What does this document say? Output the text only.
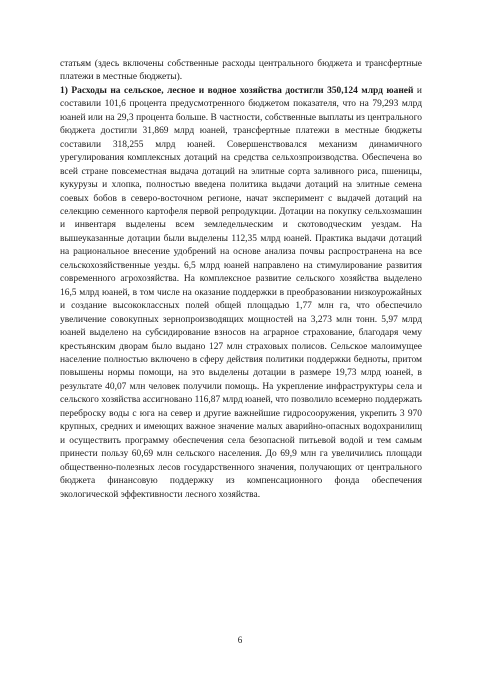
статьям (здесь включены собственные расходы центрального бюджета и трансфертные платежи в местные бюджеты).

1) Расходы на сельское, лесное и водное хозяйства достигли 350,124 млрд юаней и составили 101,6 процента предусмотренного бюджетом показателя, что на 79,293 млрд юаней или на 29,3 процента больше. В частности, собственные выплаты из центрального бюджета достигли 31,869 млрд юаней, трансфертные платежи в местные бюджеты составили 318,255 млрд юаней. Совершенствовался механизм динамичного урегулирования комплексных дотаций на средства сельхозпроизводства. Обеспечена во всей стране повсеместная выдача дотаций на элитные сорта заливного риса, пшеницы, кукурузы и хлопка, полностью введена политика выдачи дотаций на элитные семена соевых бобов в северо-восточном регионе, начат эксперимент с выдачей дотаций на селекцию семенного картофеля первой репродукции. Дотации на покупку сельхозмашин и инвентаря выделены всем земледельческим и скотоводческим уездам. На вышеуказанные дотации были выделены 112,35 млрд юаней. Практика выдачи дотаций на рациональное внесение удобрений на основе анализа почвы распространена на все сельскохозяйственные уезды. 6,5 млрд юаней направлено на стимулирование развития современного агрохозяйства. На комплексное развитие сельского хозяйства выделено 16,5 млрд юаней, в том числе на оказание поддержки в преобразовании низкоурожайных и создание высококлассных полей общей площадью 1,77 млн га, что обеспечило увеличение совокупных зернопроизводящих мощностей на 3,273 млн тонн. 5,97 млрд юаней выделено на субсидирование взносов на аграрное страхование, благодаря чему крестьянским дворам было выдано 127 млн страховых полисов. Сельское малоимущее население полностью включено в сферу действия политики поддержки бедноты, притом повышены нормы помощи, на это выделены дотации в размере 19,73 млрд юаней, в результате 40,07 млн человек получили помощь. На укрепление инфраструктуры села и сельского хозяйства ассигновано 116,87 млрд юаней, что позволило всемерно поддержать переброску воды с юга на север и другие важнейшие гидросооружения, укрепить 3 970 крупных, средних и имеющих важное значение малых аварийно-опасных водохранилищ и осуществить программу обеспечения села безопасной питьевой водой и тем самым принести пользу 60,69 млн сельского населения. До 69,9 млн га увеличились площади общественно-полезных лесов государственного значения, получающих от центрального бюджета финансовую поддержку из компенсационного фонда обеспечения экологической эффективности лесного хозяйства.

6
